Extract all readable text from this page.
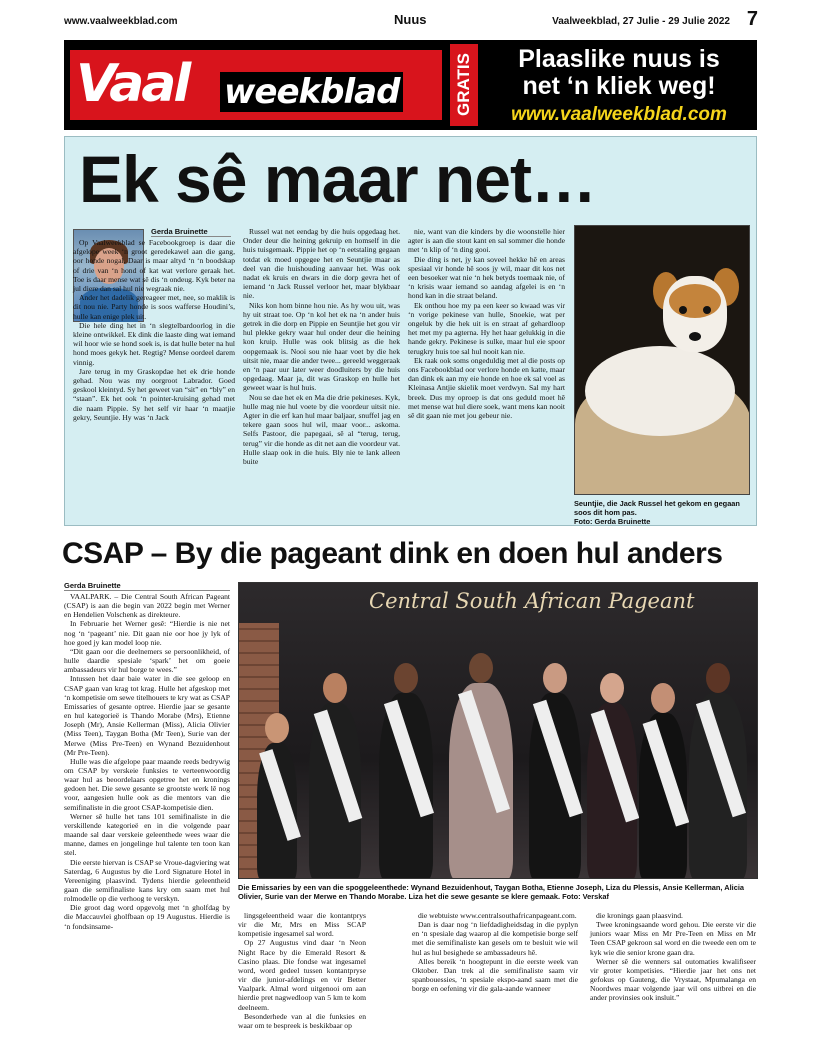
www.vaalweekblad.com	Nuus	Vaalweekblad, 27 Julie - 29 Julie 2022 7
Vaal weekblad	GRATIS	Plaaslike nuus is
net ‘n kliek weg!
www.vaalweekblad.com
Ek sê maar net…
Gerda Bruinette

Op Vaalweekblad se Facebookgroep is daar die afgelope week ‘n groot geredekawel aan die gang, oor honde nogal. Daar is maar altyd ‘n ‘n boodskap of drie van ‘n hond of kat wat verlore geraak het. Toe is daar mense wat sê dis ‘n ondeug. Kyk beter na jul diere dan sal hul nie wegraak nie.

Ander het dadelik gereageer met, nee, so maklik is dit nou nie. Party honde is soos wafferse Houdini’s, hulle kan enige plek uit.

Die hele ding het in ‘n slegtelbardoorlog in die kleine ontwikkel. Ek dink die laaste ding wat iemand wil hoor wie se hond soek is, is dat hulle beter na hul hond moes gekyk het. Regtig? Mense oordeel darem vinnig.

Jare terug in my Graskopdae het ek drie honde gehad. Nou was my oorgroot Labrador. Goed geskool kleintyd. Sy het geweet van “sit” en “bly” en “staan”. Ek het ook ‘n pointer-kruising gehad met die naam Pippie. Sy het self vir haar ‘n maatjie gekry, Seuntjie. Hy was ‘n Jack

Russel wat net eendag by die huis opgedaag het. Onder deur die heining gekruip en homself in die huis tuisgemaak. Pippie het op ‘n eetstaling gegaan totdat ek moed opgegee het en Seuntjie maar as deel van die huishouding aanvaar het. Was ook nadat ek kruis en dwars in die dorp gevra het of iemand ‘n Jack Russel verloor het, maar blykbaar nie.

Niks kon hom binne hou nie. As hy wou uit, was hy uit straat toe. Op ‘n kol het ek na ‘n ander huis getrek in die dorp en Pippie en Seuntjie het gou vir hul plekke gekry waar hul onder deur die heining kon kruip. Hulle was ook blitsig as die hek oopgemaak is. Nooi sou nie haar voet by die hek uitsit nie, maar die ander twee... gereeld weggeraak en ‘n paar uur later weer doodluiters by die huis opgedaag. Maar ja, dit was Graskop en hulle het geweet waar is hul huis.

Nou se dae het ek en Ma die drie pekineses. Kyk, hulle mag nie hul voete by die voordeur uitsit nie. Agter in die erf kan hul maar baljaar, snuffel jag en tekere gaan soos hul wil, maar voor... askoma. Selfs Pastoor, die papegaai, sê al “terug, terug, terug” vir die honde as dit net aan die voordeur vat. Hulle slaap ook in die huis. Bly nie te lank alleen buite

nie, want van die kinders by die woonstelle hier agter is aan die stout kant en sal sommer die honde met ‘n klip of ‘n ding gooi.

Die ding is net, jy kan soveel hekke hê en areas spesiaal vir honde hê soos jy wil, maar dit kos net een besoeker wat nie ‘n hek betyds toemaak nie, of ‘n krisis waar iemand so aandag afgelei is en ‘n hond kan in die straat beland.

Ek onthou hoe my pa een keer so kwaad was vir ‘n vorige pekinese van hulle, Snoekie, wat per ongeluk by die hek uit is en straat af gehardloop het met my pa agterna. Hy het haar gelukkig in die hande gekry. Pekinese is sulke, maar hul eie spoor terugkry huis toe sal hul nooit kan nie.

Ek raak ook soms ongeduldig met al die posts op ons Facebookblad oor verlore honde en katte, maar dan dink ek aan my eie honde en hoe ek sal voel as Kleinasa Antjie skielik moet verdwyn. Sal my hart breek. Dus my oproep is dat ons geduld moet hê met mense wat hul diere soek, want mens kan nooit sê dit gaan nie met jou gebeur nie.

Seuntjie, die Jack Russel het gekom en gegaan soos dit hom pas.
Foto: Gerda Bruinette
CSAP – By die pageant dink en doen hul anders
Gerda Bruinette

VAALPARK. – Die Central South African Pageant (CSAP) is aan die begin van 2022 begin met Werner en Hendelien Volschenk as direkteure.

In Februarie het Werner gesê: “Hierdie is nie net nog ‘n ‘pageant’ nie. Dit gaan nie oor hoe jy lyk of hoe goed jy kan model loop nie.

“Dit gaan oor die deelnemers se persoonlikheid, of hulle daardie spesiale ‘spark’ het om goeie ambassadeurs vir hul borge te wees.”

Intussen het daar baie water in die see geloop en CSAP gaan van krag tot krag. Hulle het afgeskop met ‘n kompetisie om sewe titelhouers te kry wat as CSAP Emissaries of gesante optree. Hierdie jaar se gesante en hul kategorieë is Thando Morabe (Mrs), Etienne Joseph (Mr), Ansie Kellerman (Miss), Alicia Olivier (Miss Teen), Taygan Botha (Mr Teen), Surie van der Merwe (Miss Pre-Teen) en Wynand Bezuidenhout (Mr Pre-Teen).

Hulle was die afgelope paar maande reeds bedrywig om CSAP by verskeie funksies te verteenwoordig waar hul as beoordelaars opgetree het en kronings gedoen het. Die sewe gesante se grootste werk lê nog voor, aangesien hulle ook as die mentors van die semifinaliste in die groot CSAP-kompetisie dien.

Werner sê hulle het tans 101 semifinaliste in die verskillende kategorieë en in die volgende paar maande sal daar verskeie geleenthede wees waar die manne, dames en jongelinge hul talente ten toon kan stel.

Die eerste hiervan is CSAP se Vroue-dagviering wat Saterdag, 6 Augustus by die Lord Signature Hotel in Vereeniging plaasvind. Tydens hierdie geleentheid gaan die semifinaliste kans kry om saam met hul rolmodelle op die verhoog te verskyn.

Die groot dag word opgevolg met ‘n gholfdag by die Maccauvlei gholfbaan op 19 Augustus. Hierdie is ‘n fondsinsame-

Central South African Pageant
Die Emissaries by een van die spoggeleenthede: Wynand Bezuidenhout, Taygan Botha, Etienne Joseph, Liza du Plessis, Ansie Kellerman, Alicia Olivier, Surie van der Merwe en Thando Morabe. Liza het die sewe gesante se klere gemaak. Foto: Verskaf

lingsgeleentheid waar die kontantprys vir die Mr, Mrs en Miss SCAP kompetisie ingesamel sal word.

Op 27 Augustus vind daar ‘n Neon Night Race by die Emerald Resort & Casino plaas. Die fondse wat ingesamel word, word gedeel tussen kontantpryse vir die junior-afdelings en vir Better Vaalpark. Almal word uitgenooi om aan hierdie pret nagwedloop van 5 km te kom deelneem.

Besonderhede van al die funksies en waar om te bespreek is beskikbaar op

die webtuiste www.centralsouthafricanpageant.com.

Dan is daar nog ‘n liefdadigheidsdag in die pyplyn en ‘n spesiale dag waarop al die kompetisie borge self met die semifinaliste kan gesels om te besluit wie wil hul as hul besighede se ambassadeurs hê.

Alles bereik ‘n hoogtepunt in die eerste week van Oktober. Dan trek al die semifinaliste saam vir spanbouessies, ‘n spesiale ekspo-aand saam met die borge en oefening vir die gala-aande wanneer

die kronings gaan plaasvind.

Twee kroningsaande word gehou. Die eerste vir die juniors waar Miss en Mr Pre-Teen en Miss en Mr Teen CSAP gekroon sal word en die tweede een om te kyk wie die senior krone gaan dra.

Werner sê die wenners sal outomaties kwalifiseer vir groter kompetisies. “Hierdie jaar het ons net gefokus op Gauteng, die Vrystaat, Mpumalanga en Noordwes maar volgende jaar wil ons uitbrei en die ander provinsies ook insluit.”
